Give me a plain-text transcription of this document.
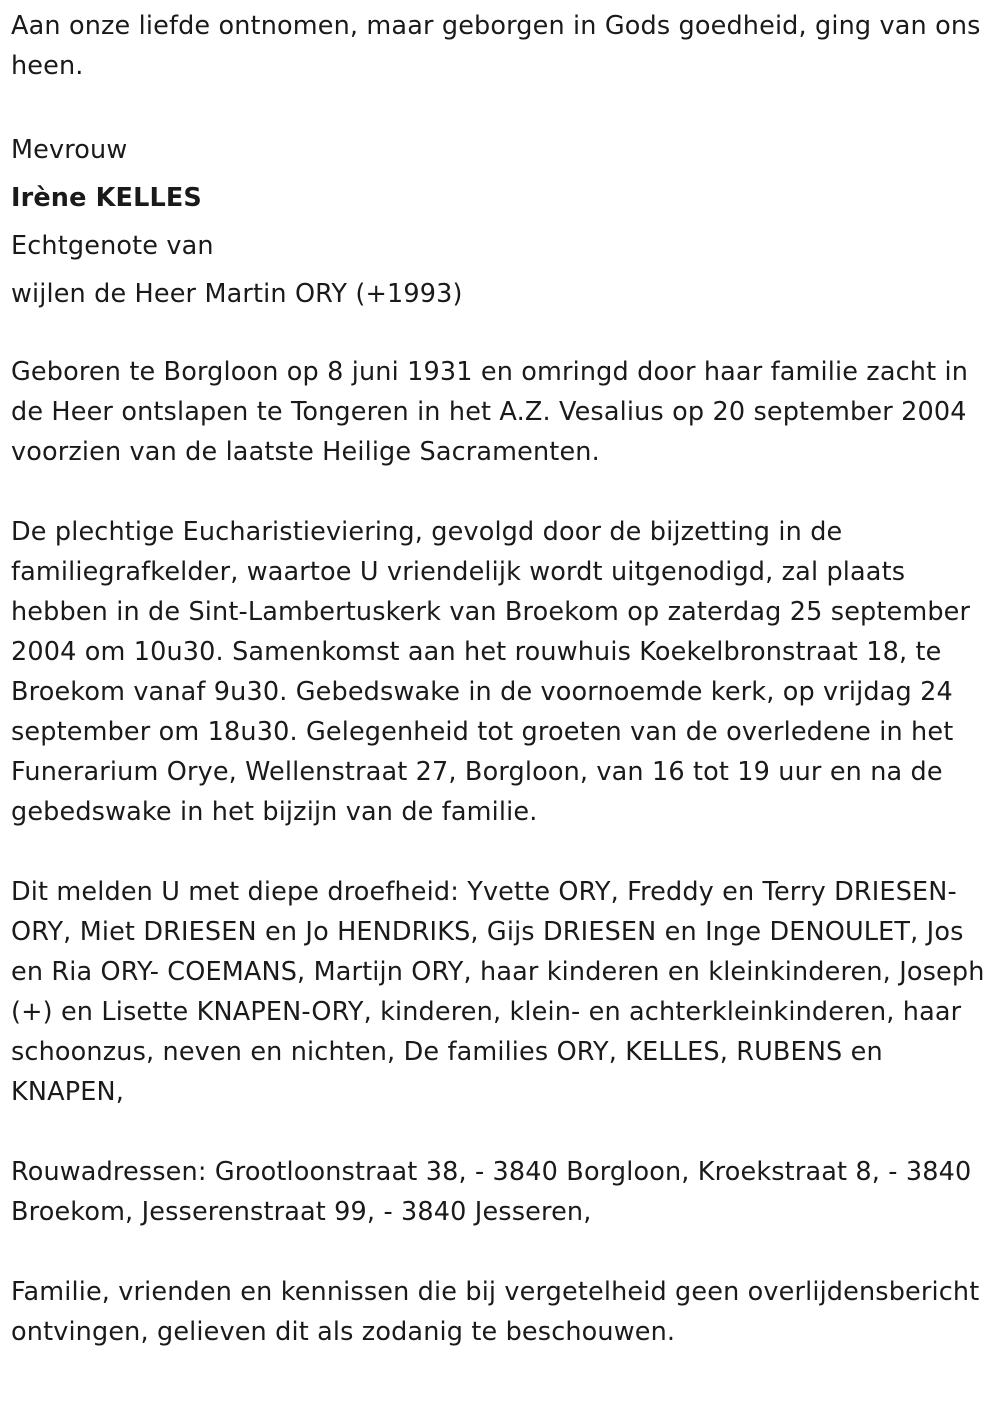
Aan onze liefde ontnomen, maar geborgen in Gods goedheid, ging van ons heen.

Mevrouw
Irène KELLES
Echtgenote van
wijlen de Heer Martin ORY (+1993)

Geboren te Borgloon op 8 juni 1931 en omringd door haar familie zacht in de Heer ontslapen te Tongeren in het A.Z. Vesalius op 20 september 2004 voorzien van de laatste Heilige Sacramenten.

De plechtige Eucharistieviering, gevolgd door de bijzetting in de familiegrafkelder, waartoe U vriendelijk wordt uitgenodigd, zal plaats hebben in de Sint-Lambertuskerk van Broekom op zaterdag 25 september 2004 om 10u30. Samenkomst aan het rouwhuis Koekelbronstraat 18, te Broekom vanaf 9u30. Gebedswake in de voornoemde kerk, op vrijdag 24 september om 18u30. Gelegenheid tot groeten van de overledene in het Funerarium Orye, Wellenstraat 27, Borgloon, van 16 tot 19 uur en na de gebedswake in het bijzijn van de familie.

Dit melden U met diepe droefheid: Yvette ORY, Freddy en Terry DRIESEN-ORY, Miet DRIESEN en Jo HENDRIKS, Gijs DRIESEN en Inge DENOULET, Jos en Ria ORY- COEMANS, Martijn ORY, haar kinderen en kleinkinderen, Joseph (+) en Lisette KNAPEN-ORY, kinderen, klein- en achterkleinkinderen, haar schoonzus, neven en nichten, De families ORY, KELLES, RUBENS en KNAPEN,

Rouwadressen: Grootloonstraat 38, - 3840 Borgloon, Kroekstraat 8, - 3840 Broekom, Jesserenstraat 99, - 3840 Jesseren,

Familie, vrienden en kennissen die bij vergetelheid geen overlijdensbericht ontvingen, gelieven dit als zodanig te beschouwen.
